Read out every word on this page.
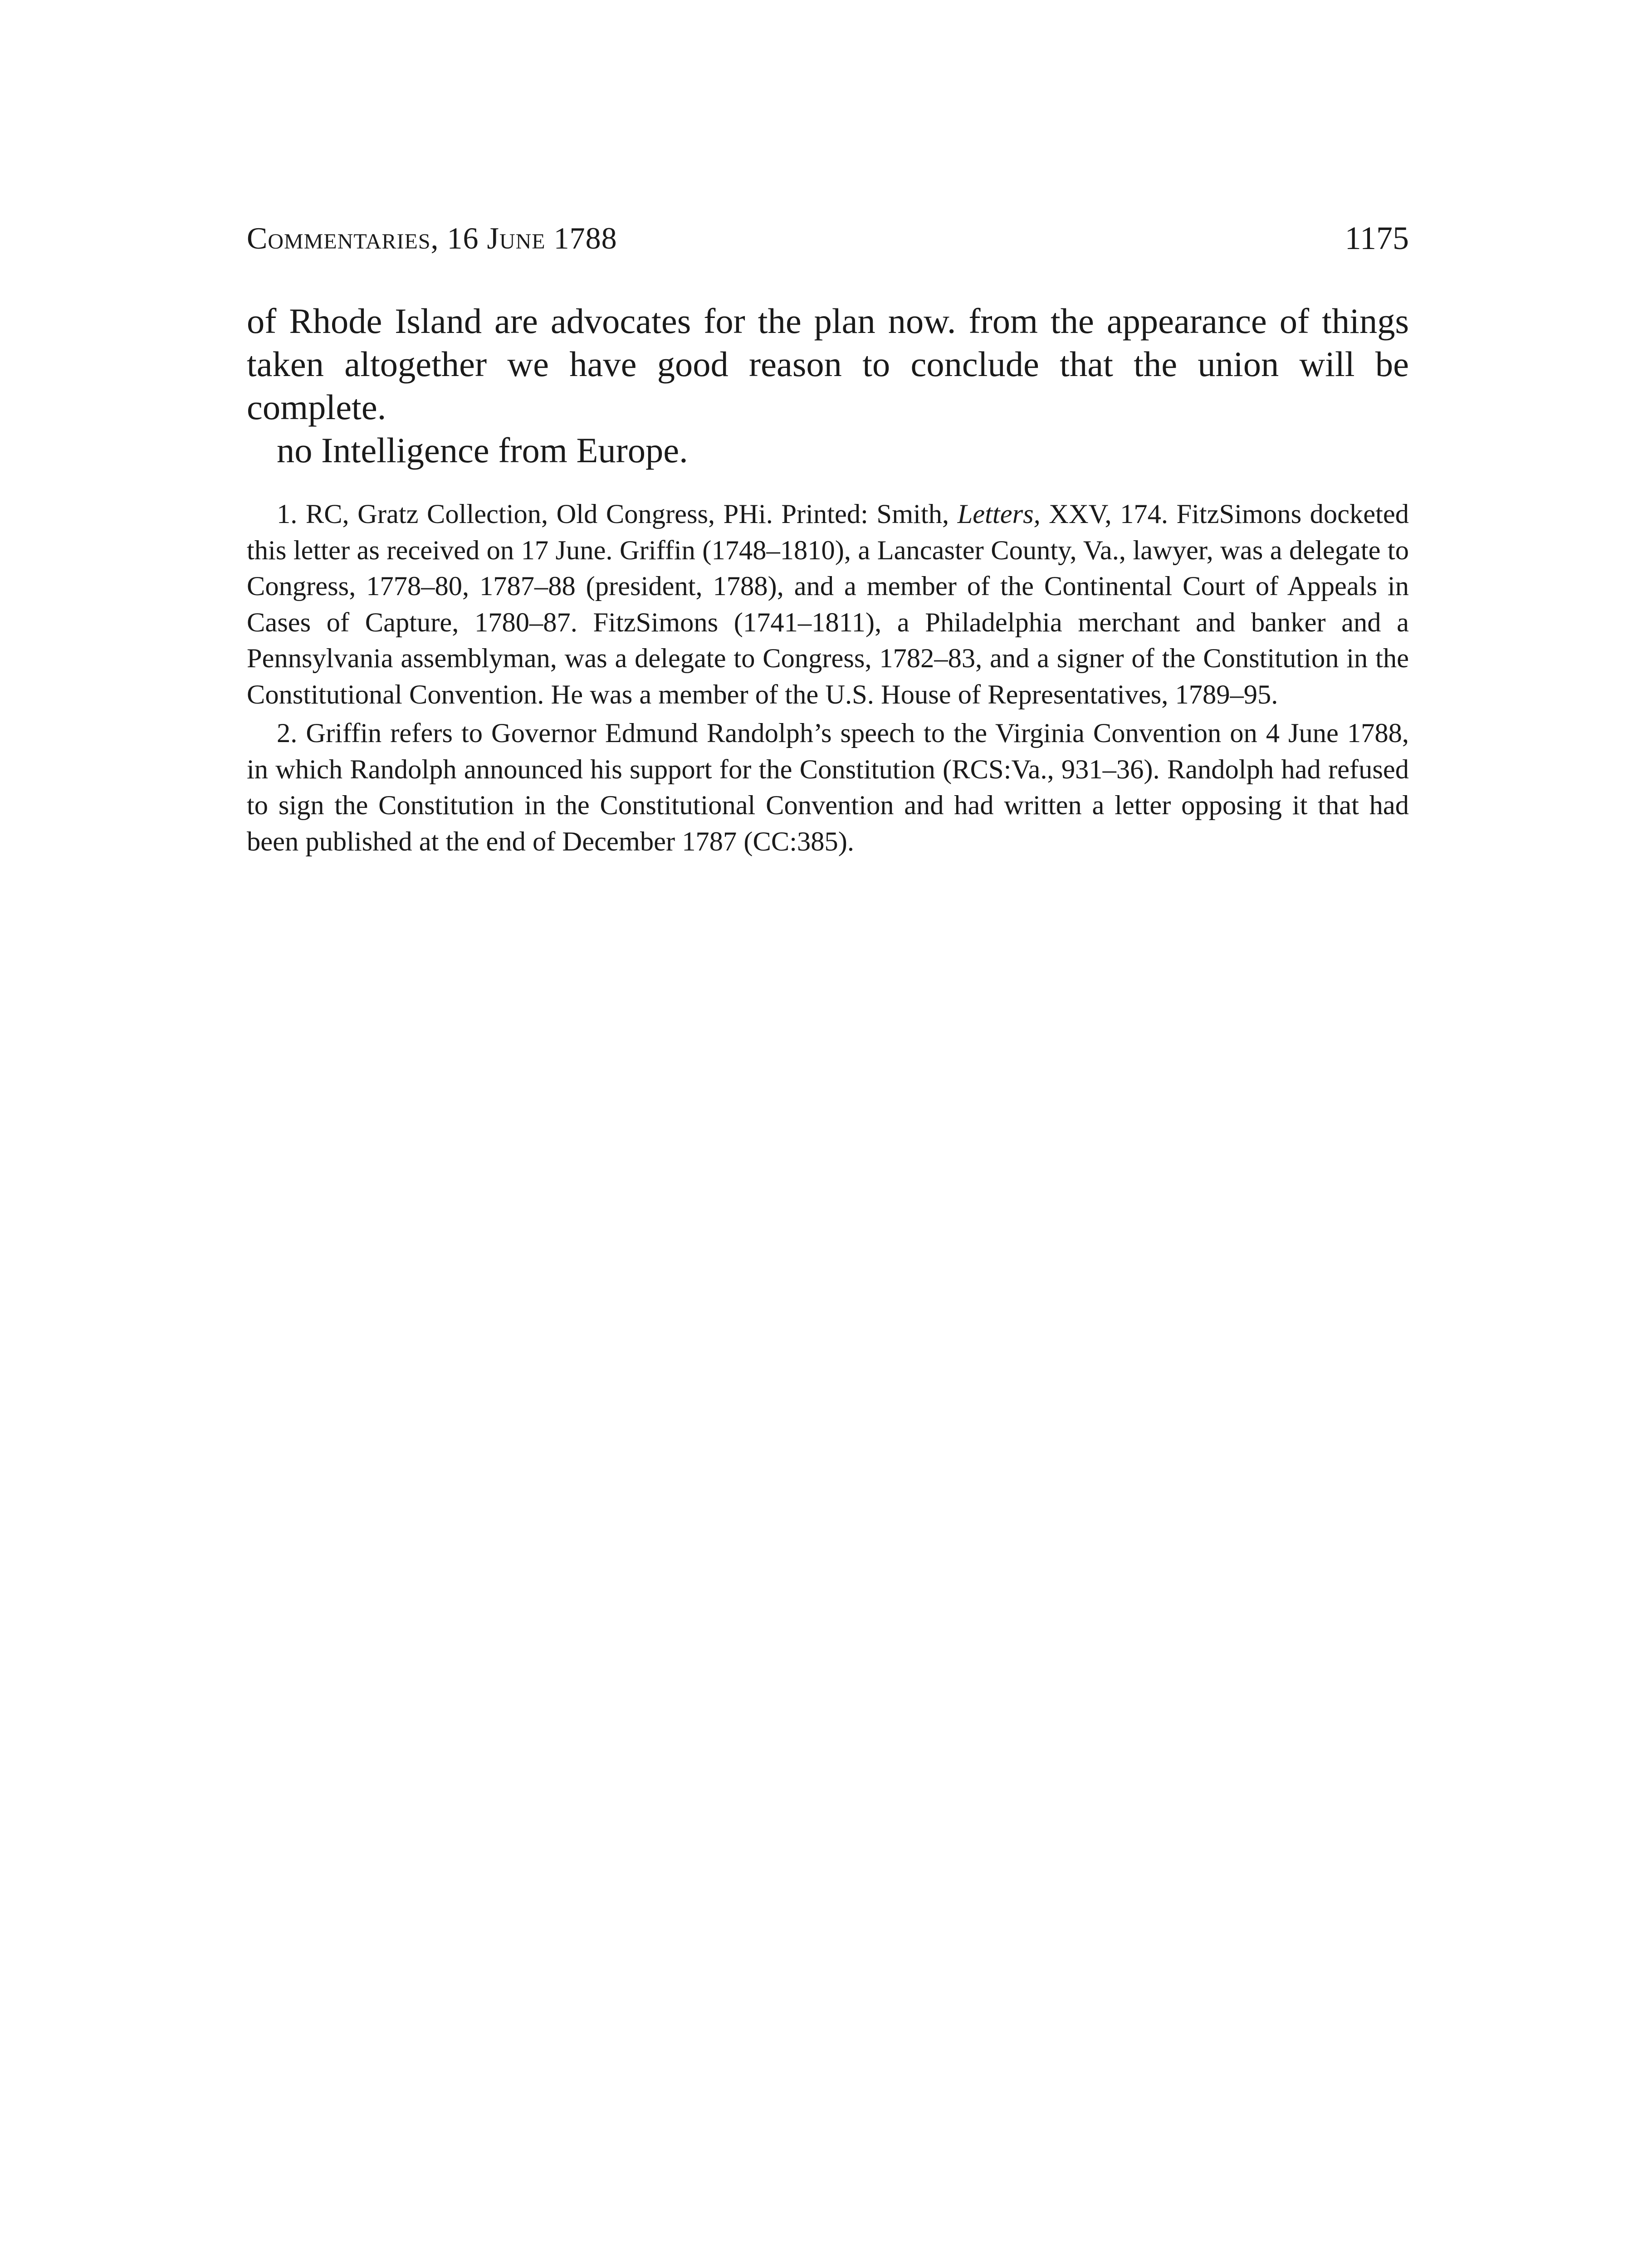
Commentaries, 16 June 1788	1175

of Rhode Island are advocates for the plan now. from the appearance of things taken altogether we have good reason to conclude that the union will be complete.

no Intelligence from Europe.

1. RC, Gratz Collection, Old Congress, PHi. Printed: Smith, Letters, XXV, 174. FitzSimons docketed this letter as received on 17 June. Griffin (1748–1810), a Lancaster County, Va., lawyer, was a delegate to Congress, 1778–80, 1787–88 (president, 1788), and a member of the Continental Court of Appeals in Cases of Capture, 1780–87. FitzSimons (1741–1811), a Philadelphia merchant and banker and a Pennsylvania assemblyman, was a delegate to Congress, 1782–83, and a signer of the Constitution in the Constitutional Convention. He was a member of the U.S. House of Representatives, 1789–95.

2. Griffin refers to Governor Edmund Randolph’s speech to the Virginia Convention on 4 June 1788, in which Randolph announced his support for the Constitution (RCS:Va., 931–36). Randolph had refused to sign the Constitution in the Constitutional Convention and had written a letter opposing it that had been published at the end of December 1787 (CC:385).
